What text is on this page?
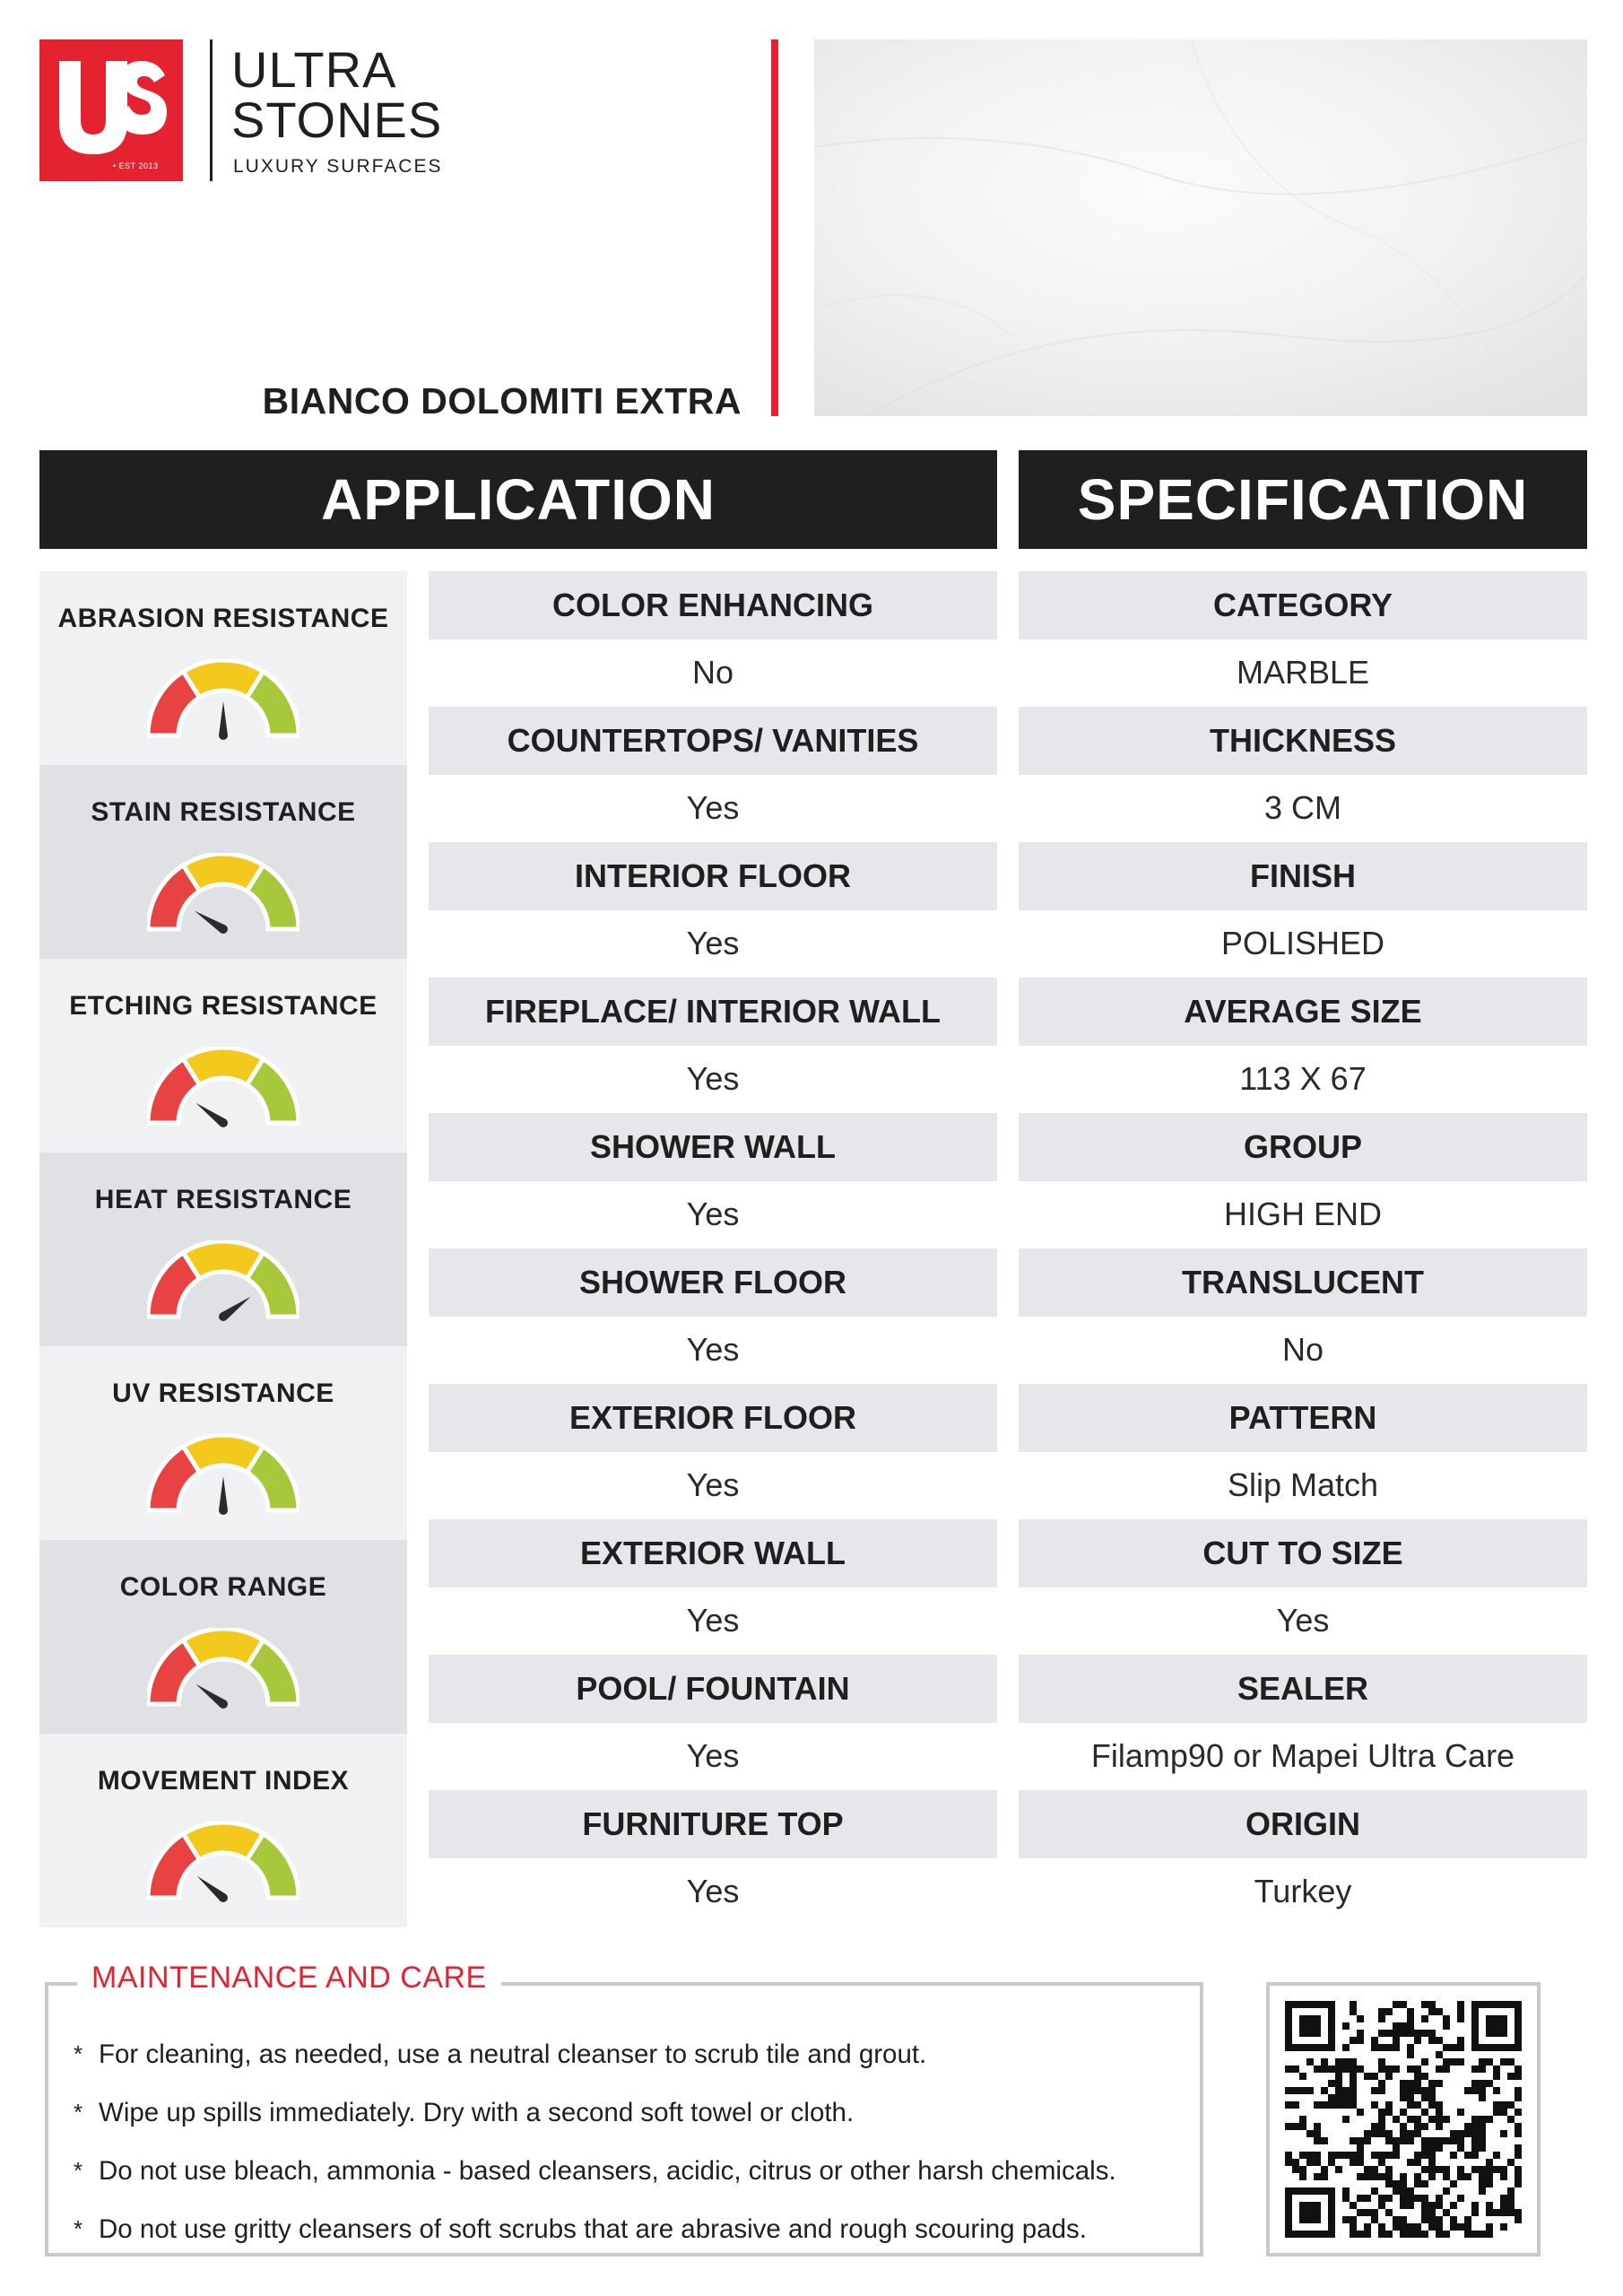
• EST 2013
ULTRA
STONES
LUXURY SURFACES
BIANCO DOLOMITI EXTRA
APPLICATION	SPECIFICATION
ABRASION RESISTANCE
STAIN RESISTANCE
ETCHING RESISTANCE
HEAT RESISTANCE
UV RESISTANCE
COLOR RANGE
MOVEMENT INDEX
COLOR ENHANCING
No
COUNTERTOPS/ VANITIES
Yes
INTERIOR FLOOR
Yes
FIREPLACE/ INTERIOR WALL
Yes
SHOWER WALL
Yes
SHOWER FLOOR
Yes
EXTERIOR FLOOR
Yes
EXTERIOR WALL
Yes
POOL/ FOUNTAIN
Yes
FURNITURE TOP
Yes
CATEGORY
MARBLE
THICKNESS
3 CM
FINISH
POLISHED
AVERAGE SIZE
113 X 67
GROUP
HIGH END
TRANSLUCENT
No
PATTERN
Slip Match
CUT TO SIZE
Yes
SEALER
Filamp90 or Mapei Ultra Care
ORIGIN
Turkey
MAINTENANCE AND CARE
* For cleaning, as needed, use a neutral cleanser to scrub tile and grout.
* Wipe up spills immediately. Dry with a second soft towel or cloth.
* Do not use bleach, ammonia - based cleansers, acidic, citrus or other harsh chemicals.
* Do not use gritty cleansers of soft scrubs that are abrasive and rough scouring pads.
